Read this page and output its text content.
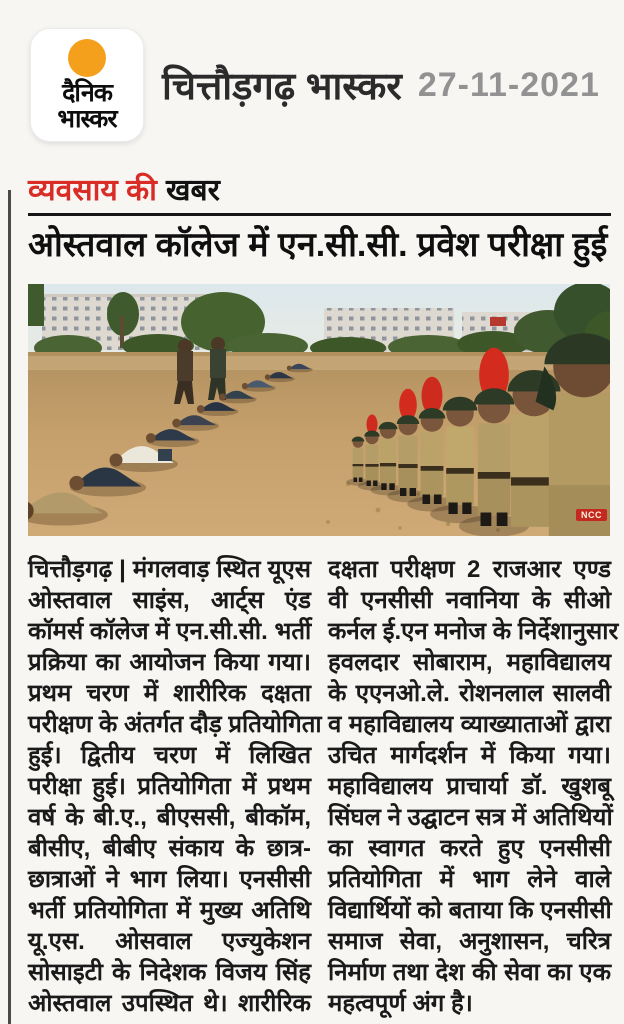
दैनिक
भास्कर
चित्तौड़गढ़ भास्कर 27-11-2021
व्यवसाय की खबर
ओस्तवाल कॉलेज में एन.सी.सी. प्रवेश परीक्षा हुई
NCC
चित्तौड़गढ़ | मंगलवाड़ स्थित यूएस
ओस्तवाल साइंस, आर्ट्स एंड
कॉमर्स कॉलेज में एन.सी.सी. भर्ती
प्रक्रिया का आयोजन किया गया।
प्रथम चरण में शारीरिक दक्षता
परीक्षण के अंतर्गत दौड़ प्रतियोगिता
हुई। द्वितीय चरण में लिखित
परीक्षा हुई। प्रतियोगिता में प्रथम
वर्ष के बी.ए., बीएससी, बीकॉम,
बीसीए, बीबीए संकाय के छात्र-
छात्राओं ने भाग लिया। एनसीसी
भर्ती प्रतियोगिता में मुख्य अतिथि
यू.एस. ओसवाल एज्युकेशन
सोसाइटी के निदेशक विजय सिंह
ओस्तवाल उपस्थित थे। शारीरिक
दक्षता परीक्षण 2 राजआर एण्ड
वी एनसीसी नवानिया के सीओ
कर्नल ई.एन मनोज के निर्देशानुसार
हवलदार सोबाराम, महाविद्यालय
के एएनओ.ले. रोशनलाल सालवी
व महाविद्यालय व्याख्याताओं द्वारा
उचित मार्गदर्शन में किया गया।
महाविद्यालय प्राचार्या डॉ. खुशबू
सिंघल ने उद्घाटन सत्र में अतिथियों
का स्वागत करते हुए एनसीसी
प्रतियोगिता में भाग लेने वाले
विद्यार्थियों को बताया कि एनसीसी
समाज सेवा, अनुशासन, चरित्र
निर्माण तथा देश की सेवा का एक
महत्वपूर्ण अंग है।
